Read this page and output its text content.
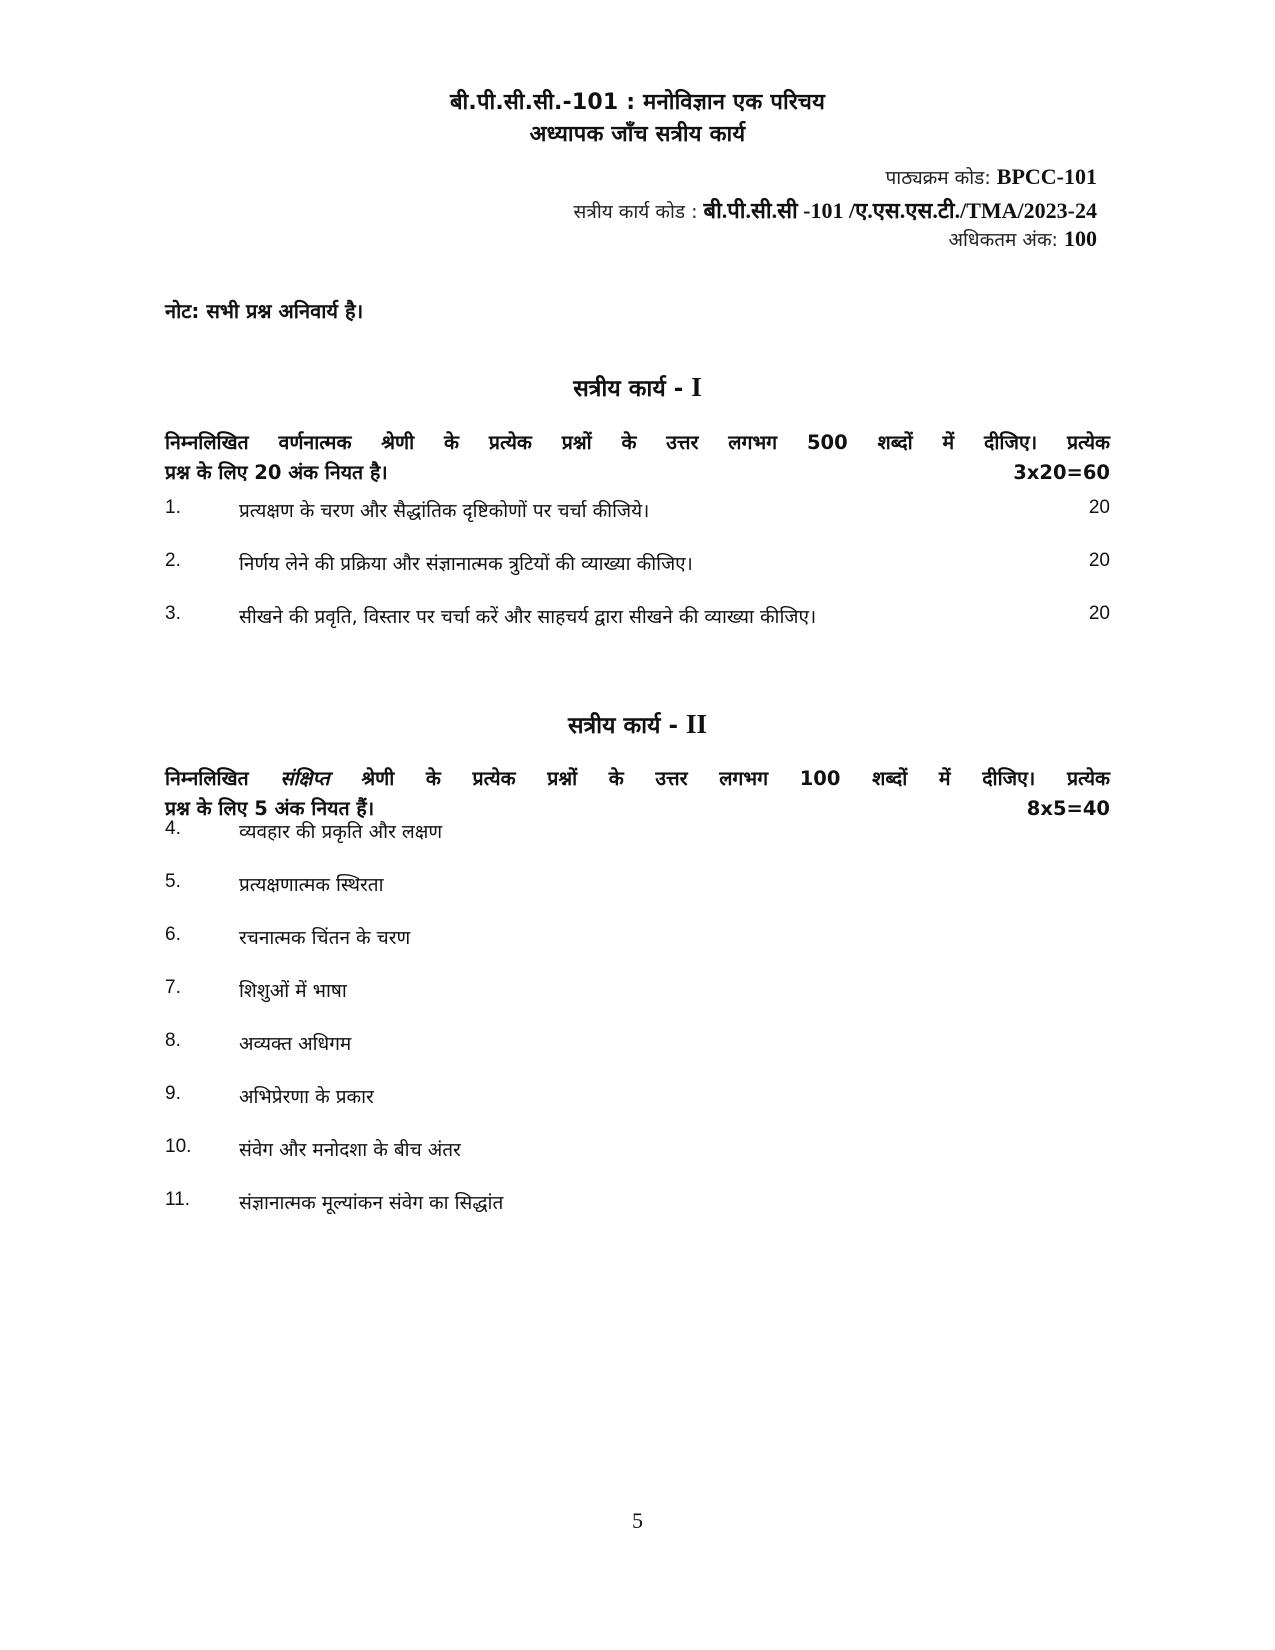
बी.पी.सी.सी.-101 : मनोविज्ञान एक परिचय
अध्यापक जाँच सत्रीय कार्य
पाठ्यक्रम कोड: BPCC-101
सत्रीय कार्य कोड : बी.पी.सी.सी -101 /ए.एस.एस.टी./TMA/2023-24
अधिकतम अंक: 100
नोट: सभी प्रश्न अनिवार्य है।
सत्रीय कार्य - I
निम्नलिखित वर्णनात्मक श्रेणी के प्रत्येक प्रश्नों के उत्तर लगभग 500 शब्दों में दीजिए। प्रत्येक
प्रश्न के लिए 20 अंक नियत है।	3x20=60
1.	प्रत्यक्षण के चरण और सैद्धांतिक दृष्टिकोणों पर चर्चा कीजिये।	20
2.	निर्णय लेने की प्रक्रिया और संज्ञानात्मक त्रुटियों की व्याख्या कीजिए।	20
3.	सीखने की प्रवृति, विस्तार पर चर्चा करें और साहचर्य द्वारा सीखने की व्याख्या कीजिए।	20
सत्रीय कार्य - II
निम्नलिखित संक्षिप्त श्रेणी के प्रत्येक प्रश्नों के उत्तर लगभग 100 शब्दों में दीजिए। प्रत्येक
प्रश्न के लिए 5 अंक नियत हैं।	8x5=40
4.	व्यवहार की प्रकृति और लक्षण
5.	प्रत्यक्षणात्मक स्थिरता
6.	रचनात्मक चिंतन के चरण
7.	शिशुओं में भाषा
8.	अव्यक्त अधिगम
9.	अभिप्रेरणा के प्रकार
10.	संवेग और मनोदशा के बीच अंतर
11.	संज्ञानात्मक मूल्यांकन संवेग का सिद्धांत
5
